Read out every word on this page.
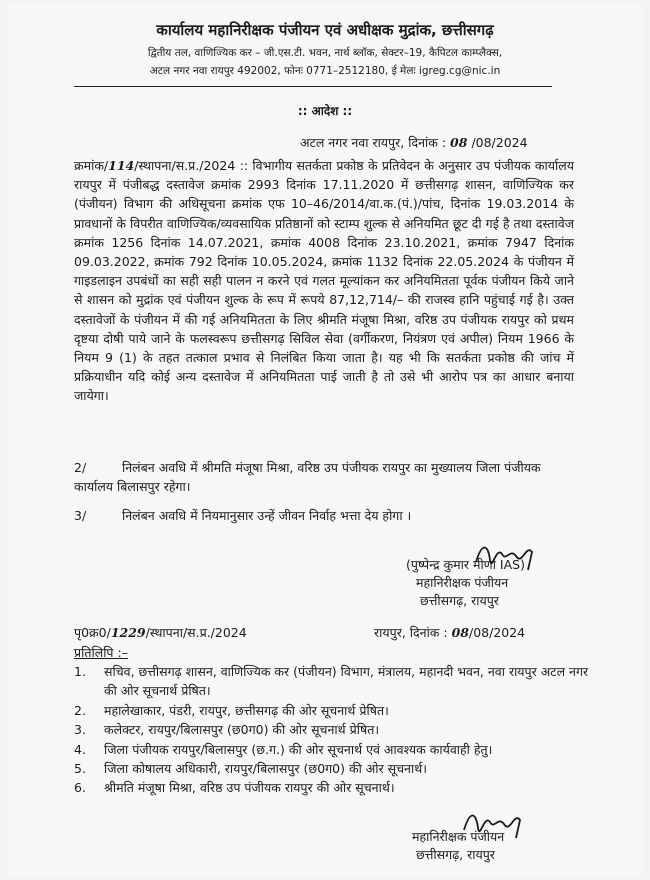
कार्यालय महानिरीक्षक पंजीयन एवं अधीक्षक मुद्रांक, छत्तीसगढ़
द्वितीय तल, वाणिज्यिक कर – जी.एस.टी. भवन, नार्थ ब्लॉक, सेक्टर–19, कैपिटल काम्प्लैक्स,
अटल नगर नवा रायपुर 492002, फोनः 0771–2512180, ई मेलः igreg.cg@nic.in
:: आदेश ::
अटल नगर नवा रायपुर, दिनांक : 08 /08/2024
क्रमांक/114/स्थापना/स.प्र./2024 :: विभागीय सतर्कता प्रकोष्ठ के प्रतिवेदन के अनुसार उप पंजीयक कार्यालय रायपुर में पंजीबद्ध दस्तावेज क्रमांक 2993 दिनांक 17.11.2020 में छत्तीसगढ़ शासन, वाणिज्यिक कर (पंजीयन) विभाग की अधिसूचना क्रमांक एफ 10–46/2014/वा.क.(पं.)/पांच, दिनांक 19.03.2014 के प्रावधानों के विपरीत वाणिज्यिक/व्यवसायिक प्रतिष्ठानों को स्टाम्प शुल्क से अनियमित छूट दी गई है तथा दस्तावेज क्रमांक 1256 दिनांक 14.07.2021, क्रमांक 4008 दिनांक 23.10.2021, क्रमांक 7947 दिनांक 09.03.2022, क्रमांक 792 दिनांक 10.05.2024, क्रमांक 1132 दिनांक 22.05.2024 के पंजीयन में गाइडलाइन उपबंधों का सही सही पालन न करने एवं गलत मूल्यांकन कर अनियमितता पूर्वक पंजीयन किये जाने से शासन को मुद्रांक एवं पंजीयन शुल्क के रूप में रूपये 87,12,714/– की राजस्व हानि पहुंचाई गई है। उक्त दस्तावेजों के पंजीयन में की गई अनियमितता के लिए श्रीमति मंजूषा मिश्रा, वरिष्ठ उप पंजीयक रायपुर को प्रथम दृष्टया दोषी पाये जाने के फलस्वरूप छत्तीसगढ़ सिविल सेवा (वर्गीकरण, नियंत्रण एवं अपील) नियम 1966 के नियम 9 (1) के तहत तत्काल प्रभाव से निलंबित किया जाता है। यह भी कि सतर्कता प्रकोष्ठ की जांच में प्रक्रियाधीन यदि कोई अन्य दस्तावेज में अनियमितता पाई जाती है तो उसे भी आरोप पत्र का आधार बनाया जायेगा।
2/	निलंबन अवधि में श्रीमति मंजूषा मिश्रा, वरिष्ठ उप पंजीयक रायपुर का मुख्यालय जिला पंजीयक कार्यालय बिलासपुर रहेगा।
3/	निलंबन अवधि में नियमानुसार उन्हें जीवन निर्वाह भत्ता देय होगा ।
(पुष्पेन्द्र कुमार मीणा IAS)
महानिरीक्षक पंजीयन
छत्तीसगढ़, रायपुर
पृ0क्र0/1229/स्थापना/स.प्र./2024	रायपुर, दिनांक : 08/08/2024
प्रतिलिपि :–
1. सचिव, छत्तीसगढ़ शासन, वाणिज्यिक कर (पंजीयन) विभाग, मंत्रालय, महानदी भवन, नवा रायपुर अटल नगर की ओर सूचनार्थ प्रेषित।
2. महालेखाकार, पंडरी, रायपुर, छत्तीसगढ़ की ओर सूचनार्थ प्रेषित।
3. कलेक्टर, रायपुर/बिलासपुर (छ0ग0) की ओर सूचनार्थ प्रेषित।
4. जिला पंजीयक रायपुर/बिलासपुर (छ.ग.) की ओर सूचनार्थ एवं आवश्यक कार्यवाही हेतु।
5. जिला कोषालय अधिकारी, रायपुर/बिलासपुर (छ0ग0) की ओर सूचनार्थ।
6. श्रीमति मंजूषा मिश्रा, वरिष्ठ उप पंजीयक रायपुर की ओर सूचनार्थ।
महानिरीक्षक पंजीयन
छत्तीसगढ़, रायपुर
